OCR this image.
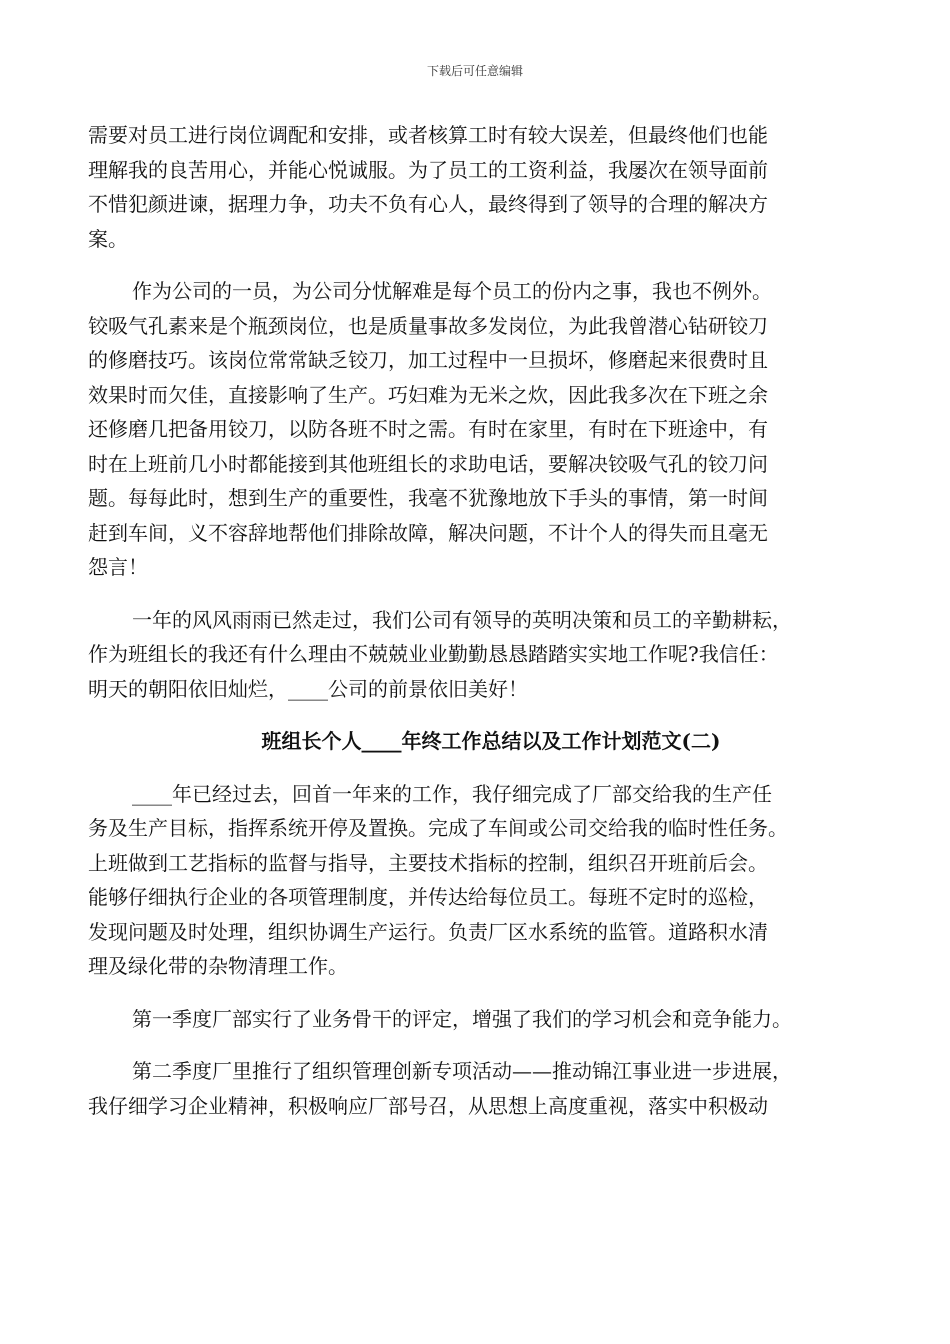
下载后可任意编辑
需要对员工进行岗位调配和安排，或者核算工时有较大误差，但最终他们也能
理解我的良苦用心，并能心悦诚服。为了员工的工资利益，我屡次在领导面前
不惜犯颜进谏，据理力争，功夫不负有心人，最终得到了领导的合理的解决方
案。
作为公司的一员，为公司分忧解难是每个员工的份内之事，我也不例外。
铰吸气孔素来是个瓶颈岗位，也是质量事故多发岗位，为此我曾潜心钻研铰刀
的修磨技巧。该岗位常常缺乏铰刀，加工过程中一旦损坏，修磨起来很费时且
效果时而欠佳，直接影响了生产。巧妇难为无米之炊，因此我多次在下班之余
还修磨几把备用铰刀，以防各班不时之需。有时在家里，有时在下班途中，有
时在上班前几小时都能接到其他班组长的求助电话，要解决铰吸气孔的铰刀问
题。每每此时，想到生产的重要性，我毫不犹豫地放下手头的事情，第一时间
赶到车间，义不容辞地帮他们排除故障，解决问题，不计个人的得失而且毫无
怨言！
一年的风风雨雨已然走过，我们公司有领导的英明决策和员工的辛勤耕耘，
作为班组长的我还有什么理由不兢兢业业勤勤恳恳踏踏实实地工作呢?我信任：
明天的朝阳依旧灿烂，____公司的前景依旧美好！
班组长个人____年终工作总结以及工作计划范文(二)
____年已经过去，回首一年来的工作，我仔细完成了厂部交给我的生产任
务及生产目标，指挥系统开停及置换。完成了车间或公司交给我的临时性任务。
上班做到工艺指标的监督与指导，主要技术指标的控制，组织召开班前后会。
能够仔细执行企业的各项管理制度，并传达给每位员工。每班不定时的巡检，
发现问题及时处理，组织协调生产运行。负责厂区水系统的监管。道路积水清
理及绿化带的杂物清理工作。
第一季度厂部实行了业务骨干的评定，增强了我们的学习机会和竞争能力。
第二季度厂里推行了组织管理创新专项活动——推动锦江事业进一步进展，
我仔细学习企业精神，积极响应厂部号召，从思想上高度重视，落实中积极动
